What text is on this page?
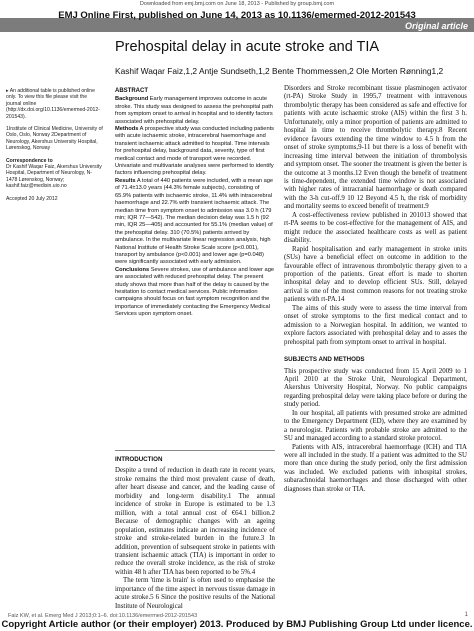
Downloaded from emj.bmj.com on June 18, 2013 - Published by group.bmj.com
EMJ Online First, published on June 14, 2013 as 10.1136/emermed-2012-201543
Original article
Prehospital delay in acute stroke and TIA
Kashif Waqar Faiz,1,2 Antje Sundseth,1,2 Bente Thommessen,2 Ole Morten Rønning1,2

▸ An additional table is published online only. To view this file please visit the journal online (http://dx.doi.org/10.1136/emermed-2012-201543).

1Institute of Clinical Medicine, University of Oslo, Oslo, Norway 2Department of Neurology, Akershus University Hospital, Lørenskog, Norway

Correspondence to

Dr Kashif Waqar Faiz, Akershus University Hospital, Department of Neurology, N-1478 Lørenskog, Norway; kashif.faiz@medisin.uio.no

Accepted 20 July 2012

ABSTRACT

Background Early management improves outcome in acute stroke. This study was designed to assess the prehospital path from symptom onset to arrival in hospital and to identify factors associated with prehospital delay.

Methods A prospective study was conducted including patients with acute ischaemic stroke, intracerebral haemorrhage and transient ischaemic attack admitted to hospital. Time intervals for prehospital delay, background data, severity, type of first medical contact and mode of transport were recorded. Univariate and multivariate analyses were performed to identify factors influencing prehospital delay.

Results A total of 440 patients were included, with a mean age of 71.4±13.0 years (44.3% female subjects), consisting of 65.9% patients with ischaemic stroke, 11.4% with intracerebral haemorrhage and 22.7% with transient ischaemic attack. The median time from symptom onset to admission was 3.0 h (179 min; IQR 77—542). The median decision delay was 1.5 h (92 min, IQR 25—405) and accounted for 55.1% (median value) of the prehospital delay. 310 (70.5%) patients arrived by ambulance. In the multivariate linear regression analysis, high National Institute of Health Stroke Scale score (p<0.001), transport by ambulance (p<0.001) and lower age (p=0.048) were significantly associated with early admission.

Conclusions Severe strokes, use of ambulance and lower age are associated with reduced prehospital delay. The present study shows that more than half of the delay is caused by the hesitation to contact medical services. Public information campaigns should focus on fast symptom recognition and the importance of immediately contacting the Emergency Medical Services upon symptom onset.

INTRODUCTION

Despite a trend of reduction in death rate in recent years, stroke remains the third most prevalent cause of death, after heart disease and cancer, and the leading cause of morbidity and long-term disability.1 The annual incidence of stroke in Europe is estimated to be 1.3 million, with a total annual cost of €64.1 billion.2 Because of demographic changes with an ageing population, estimates indicate an increasing incidence of stroke and stroke-related burden in the future.3 In addition, prevention of subsequent stroke in patients with transient ischaemic attack (TIA) is important in order to reduce the overall stroke incidence, as the risk of stroke within 48 h after TIA has been reported to be 5%.4

The term 'time is brain' is often used to emphasise the importance of the time aspect in nervous tissue damage in acute stroke.5 6 Since the positive results of the National Institute of Neurological

Disorders and Stroke recombinant tissue plasminogen activator (rt-PA) Stroke Study in 1995,7 treatment with intravenous thrombolytic therapy has been considered as safe and effective for patients with acute ischaemic stroke (AIS) within the first 3 h. Unfortunately, only a minor proportion of patients are admitted to hospital in time to receive thrombolytic therapy.8 Recent evidence favours extending the time window to 4.5 h from the onset of stroke symptoms,9-11 but there is a loss of benefit with increasing time interval between the initiation of thrombolysis and symptom onset. The sooner the treatment is given the better is the outcome at 3 months.12 Even though the benefit of treatment is time-dependent, the extended time window is not associated with higher rates of intracranial haemorrhage or death compared with the 3-h cut-off.9 10 12 Beyond 4.5 h, the risk of morbidity and mortality seems to exceed benefit of treatment.9

A cost-effectiveness review published in 201013 showed that rt-PA seems to be cost-effective for the management of AIS, and might reduce the associated healthcare costs as well as patient disability.

Rapid hospitalisation and early management in stroke units (SUs) have a beneficial effect on outcome in addition to the favourable effect of intravenous thrombolytic therapy given to a proportion of the patients. Great effort is made to shorten inhospital delay and to develop efficient SUs. Still, delayed arrival is one of the most common reasons for not treating stroke patients with rt-PA.14

The aims of this study were to assess the time interval from onset of stroke symptoms to the first medical contact and to admission to a Norwegian hospital. In addition, we wanted to explore factors associated with prehospital delay and to asses the prehospital path from symptom onset to arrival in hospital.

SUBJECTS AND METHODS

This prospective study was conducted from 15 April 2009 to 1 April 2010 at the Stroke Unit, Neurological Department, Akershus University Hospital, Norway. No public campaigns regarding prehospital delay were taking place before or during the study period.

In our hospital, all patients with presumed stroke are admitted to the Emergency Department (ED), where they are examined by a neurologist. Patients with probable stroke are admitted to the SU and managed according to a standard stroke protocol.

Patients with AIS, intracerebral haemorrhage (ICH) and TIA were all included in the study. If a patient was admitted to the SU more than once during the study period, only the first admission was included. We excluded patients with inhospital strokes, subarachnoidal haemorrhages and those discharged with other diagnoses than stroke or TIA.

Faiz KW, et al. Emerg Med J 2013;0:1–6. doi:10.1136/emermed-2012-201543	1
Copyright Article author (or their employer) 2013. Produced by BMJ Publishing Group Ltd under licence.
